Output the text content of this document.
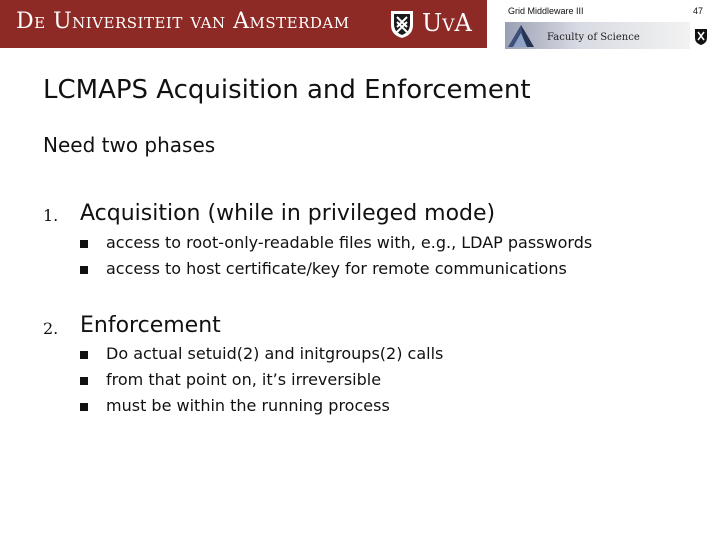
De Universiteit van Amsterdam	UvA	Grid Middleware III	47
Faculty of Science
LCMAPS Acquisition and Enforcement
Need two phases
1. Acquisition (while in privileged mode)
access to root-only-readable files with, e.g., LDAP passwords
access to host certificate/key for remote communications
2. Enforcement
Do actual setuid(2) and initgroups(2) calls
from that point on, it’s irreversible
must be within the running process
